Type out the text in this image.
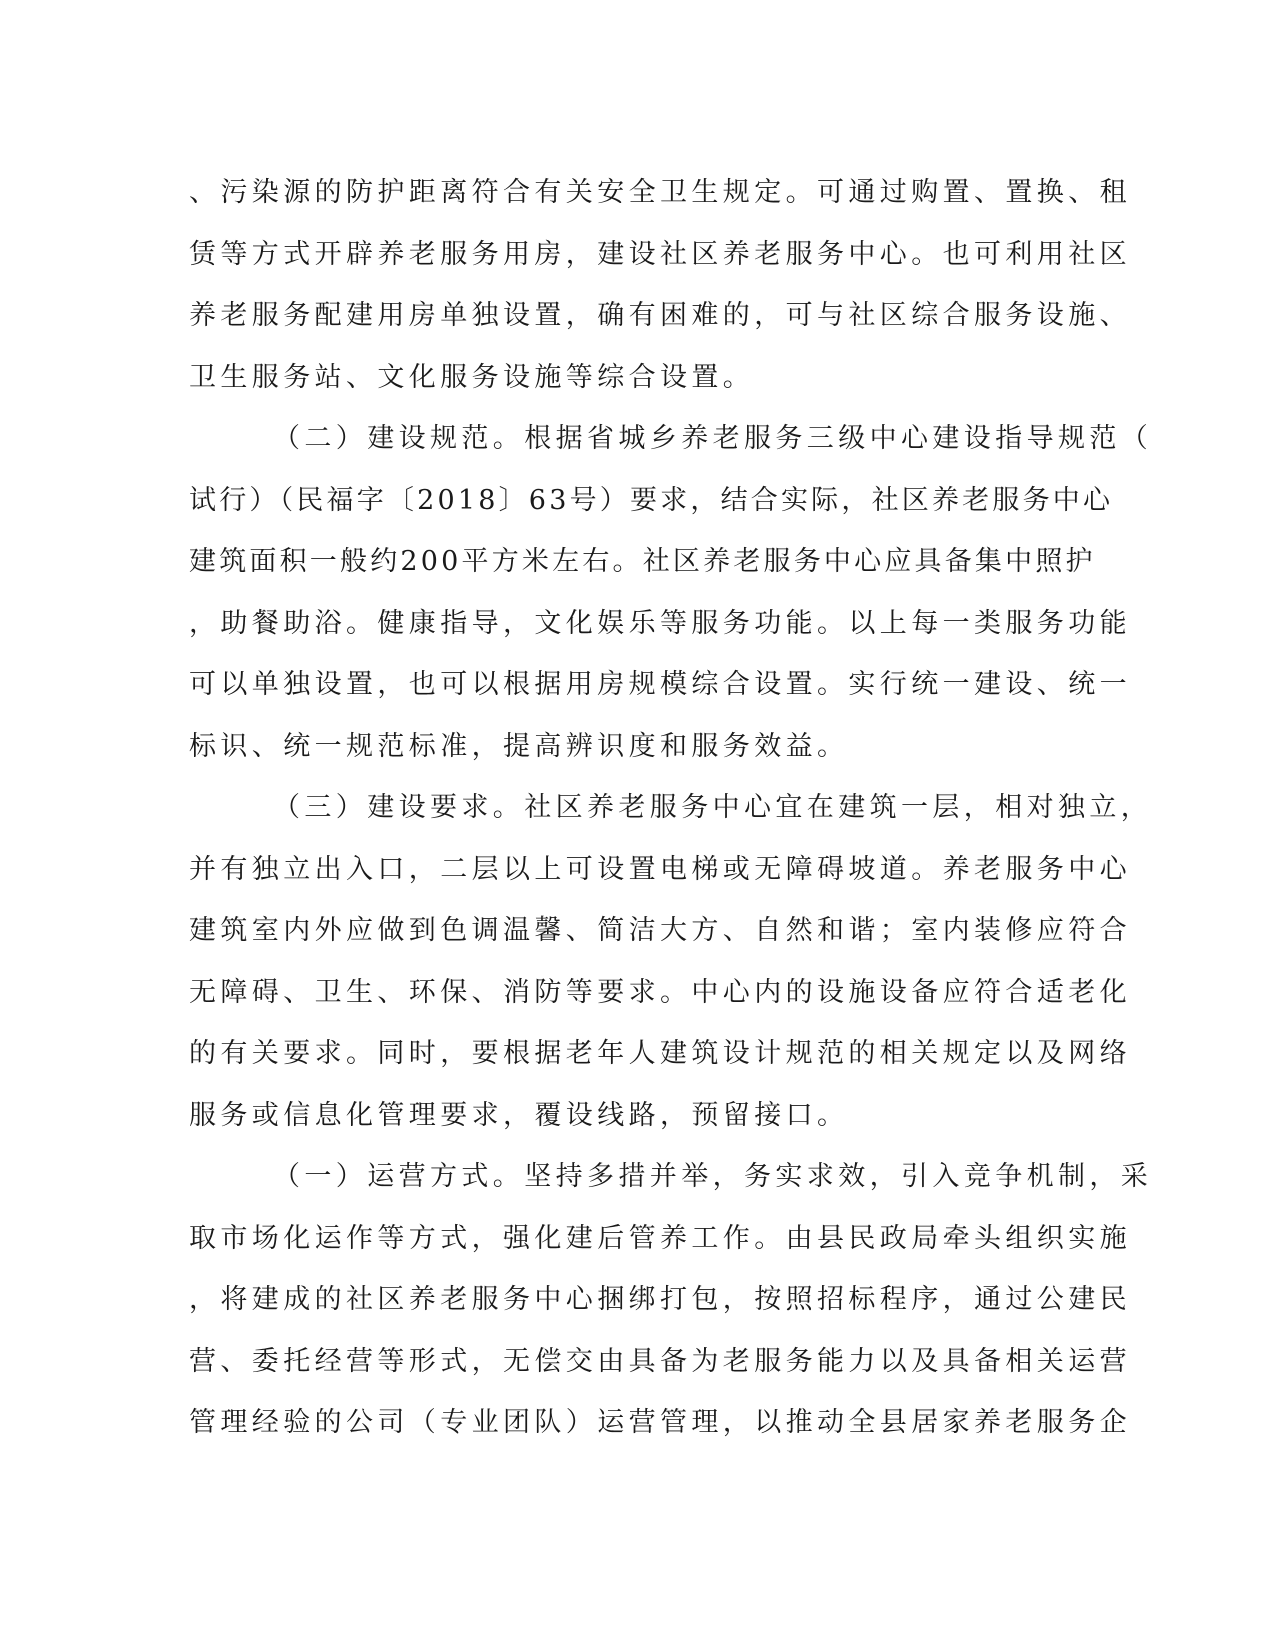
、污染源的防护距离符合有关安全卫生规定。可通过购置、置换、租
赁等方式开辟养老服务用房，建设社区养老服务中心。也可利用社区
养老服务配建用房单独设置，确有困难的，可与社区综合服务设施、
卫生服务站、文化服务设施等综合设置。
（二）建设规范。根据省城乡养老服务三级中心建设指导规范（
试行）（民福字〔2018〕63号）要求，结合实际，社区养老服务中心
建筑面积一般约200平方米左右。社区养老服务中心应具备集中照护
，助餐助浴。健康指导，文化娱乐等服务功能。以上每一类服务功能
可以单独设置，也可以根据用房规模综合设置。实行统一建设、统一
标识、统一规范标准，提高辨识度和服务效益。
（三）建设要求。社区养老服务中心宜在建筑一层，相对独立，
并有独立出入口，二层以上可设置电梯或无障碍坡道。养老服务中心
建筑室内外应做到色调温馨、简洁大方、自然和谐；室内装修应符合
无障碍、卫生、环保、消防等要求。中心内的设施设备应符合适老化
的有关要求。同时，要根据老年人建筑设计规范的相关规定以及网络
服务或信息化管理要求，覆设线路，预留接口。
（一）运营方式。坚持多措并举，务实求效，引入竞争机制，采
取市场化运作等方式，强化建后管养工作。由县民政局牵头组织实施
，将建成的社区养老服务中心捆绑打包，按照招标程序，通过公建民
营、委托经营等形式，无偿交由具备为老服务能力以及具备相关运营
管理经验的公司（专业团队）运营管理，以推动全县居家养老服务企
